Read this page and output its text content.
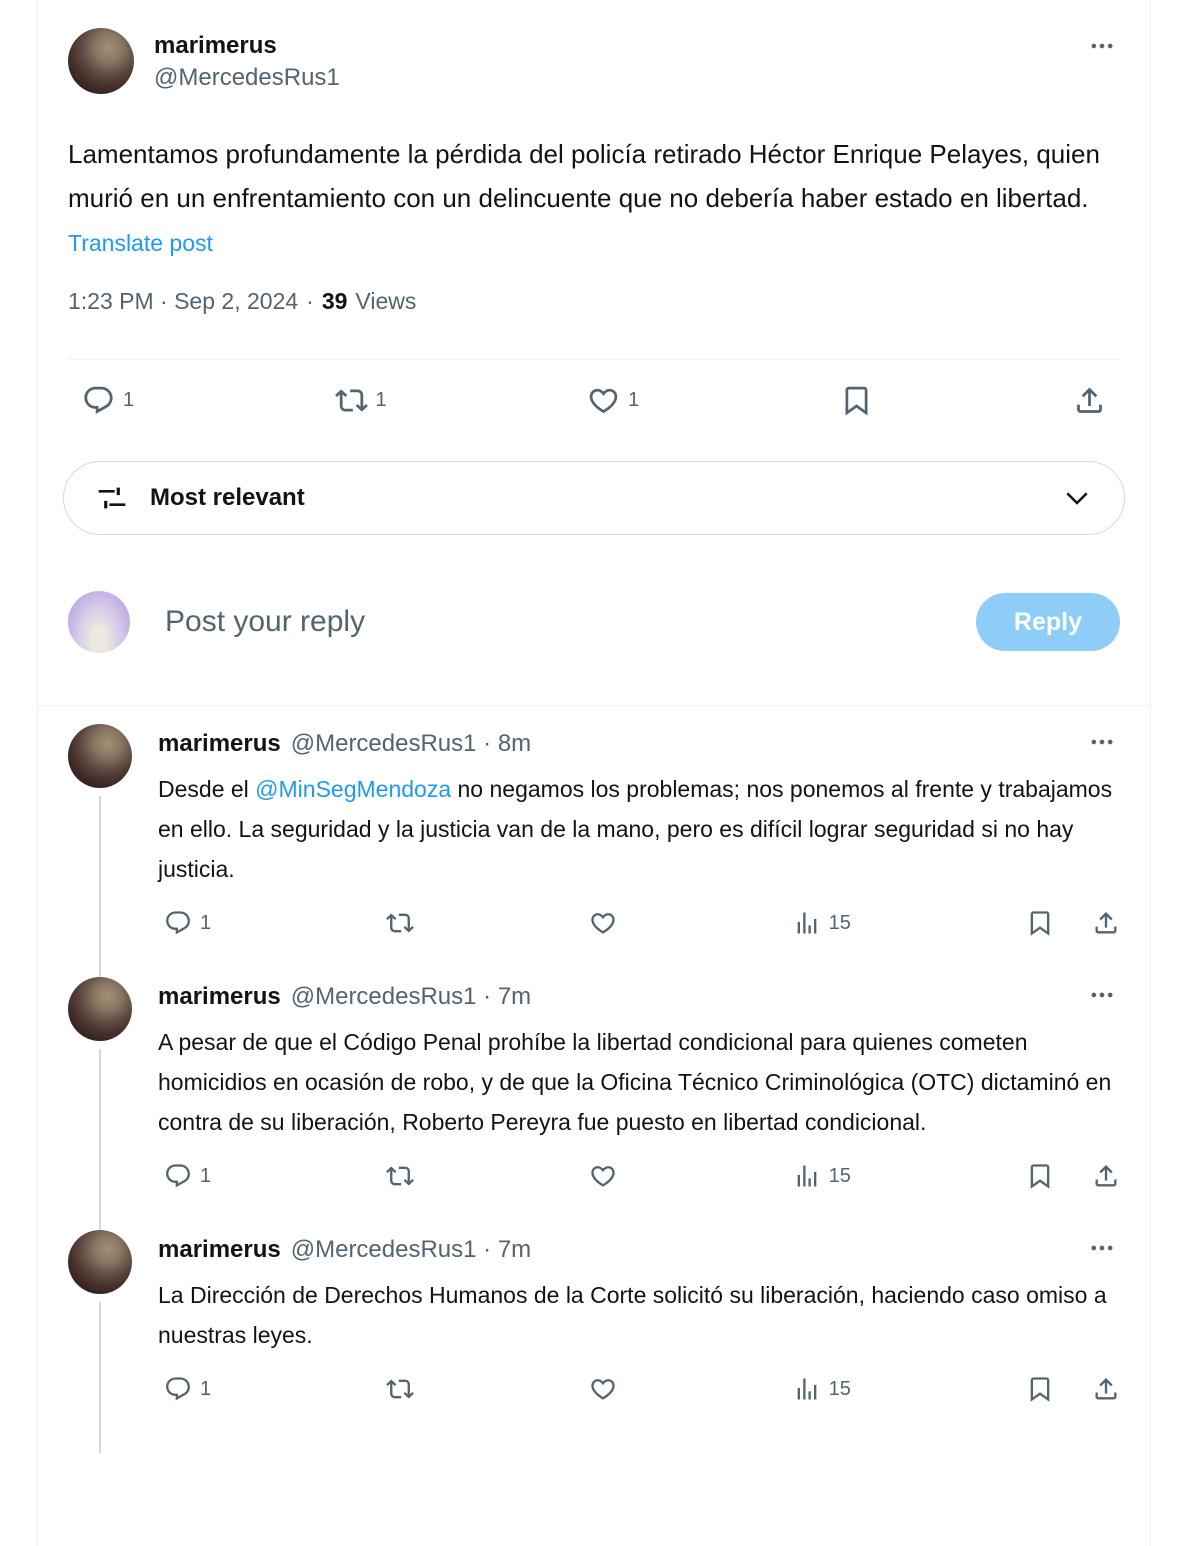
marimerus
@MercedesRus1
Lamentamos profundamente la pérdida del policía retirado Héctor Enrique Pelayes, quien murió en un enfrentamiento con un delincuente que no debería haber estado en libertad.
Translate post
1:23 PM · Sep 2, 2024 · 39 Views
1	1	1
Most relevant
Post your reply	Reply
marimerus @MercedesRus1 · 8m
Desde el @MinSegMendoza no negamos los problemas; nos ponemos al frente y trabajamos en ello. La seguridad y la justicia van de la mano, pero es difícil lograr seguridad si no hay justicia.
1	15
marimerus @MercedesRus1 · 7m
A pesar de que el Código Penal prohíbe la libertad condicional para quienes cometen homicidios en ocasión de robo, y de que la Oficina Técnico Criminológica (OTC) dictaminó en contra de su liberación, Roberto Pereyra fue puesto en libertad condicional.
1	15
marimerus @MercedesRus1 · 7m
La Dirección de Derechos Humanos de la Corte solicitó su liberación, haciendo caso omiso a nuestras leyes.
1	15
